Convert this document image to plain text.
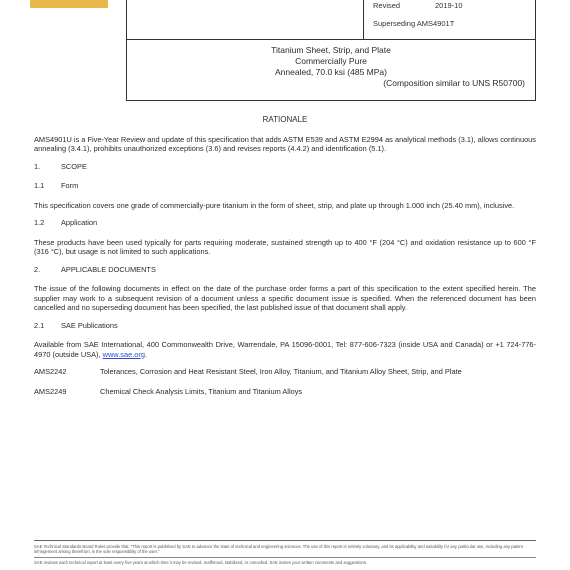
Revised	2019-10
Superseding AMS4901T
Titanium Sheet, Strip, and Plate
Commercially Pure
Annealed, 70.0 ksi (485 MPa)
(Composition similar to UNS R50700)
RATIONALE

AMS4901U is a Five-Year Review and update of this specification that adds ASTM E539 and ASTM E2994 as analytical methods (3.1), allows continuous annealing (3.4.1), prohibits unauthorized exceptions (3.6) and revises reports (4.4.2) and identification (5.1).

1.	SCOPE
1.1 Form

This specification covers one grade of commercially-pure titanium in the form of sheet, strip, and plate up through 1.000 inch (25.40 mm), inclusive.

1.2 Application

These products have been used typically for parts requiring moderate, sustained strength up to 400 °F (204 °C) and oxidation resistance up to 600 °F (316 °C), but usage is not limited to such applications.

2.	APPLICABLE DOCUMENTS

The issue of the following documents in effect on the date of the purchase order forms a part of this specification to the extent specified herein. The supplier may work to a subsequent revision of a document unless a specific document issue is specified. When the referenced document has been cancelled and no superseding document has been specified, the last published issue of that document shall apply.

2.1 SAE Publications

Available from SAE International, 400 Commonwealth Drive, Warrendale, PA 15096-0001, Tel: 877-606-7323 (inside USA and Canada) or +1 724-776-4970 (outside USA), www.sae.org.

AMS2242	Tolerances, Corrosion and Heat Resistant Steel, Iron Alloy, Titanium, and Titanium Alloy Sheet, Strip, and Plate
AMS2249	Chemical Check Analysis Limits, Titanium and Titanium Alloys
SAE Technical Standards Board Rules provide that: "This report is published by SAE to advance the state of technical and engineering sciences. The use of this report is entirely voluntary, and its applicability and suitability for any particular use, including any patent infringement arising therefrom, is the sole responsibility of the user."
SAE reviews each technical report at least every five years at which time it may be revised, reaffirmed, stabilized, or cancelled. SAE invites your written comments and suggestions.
